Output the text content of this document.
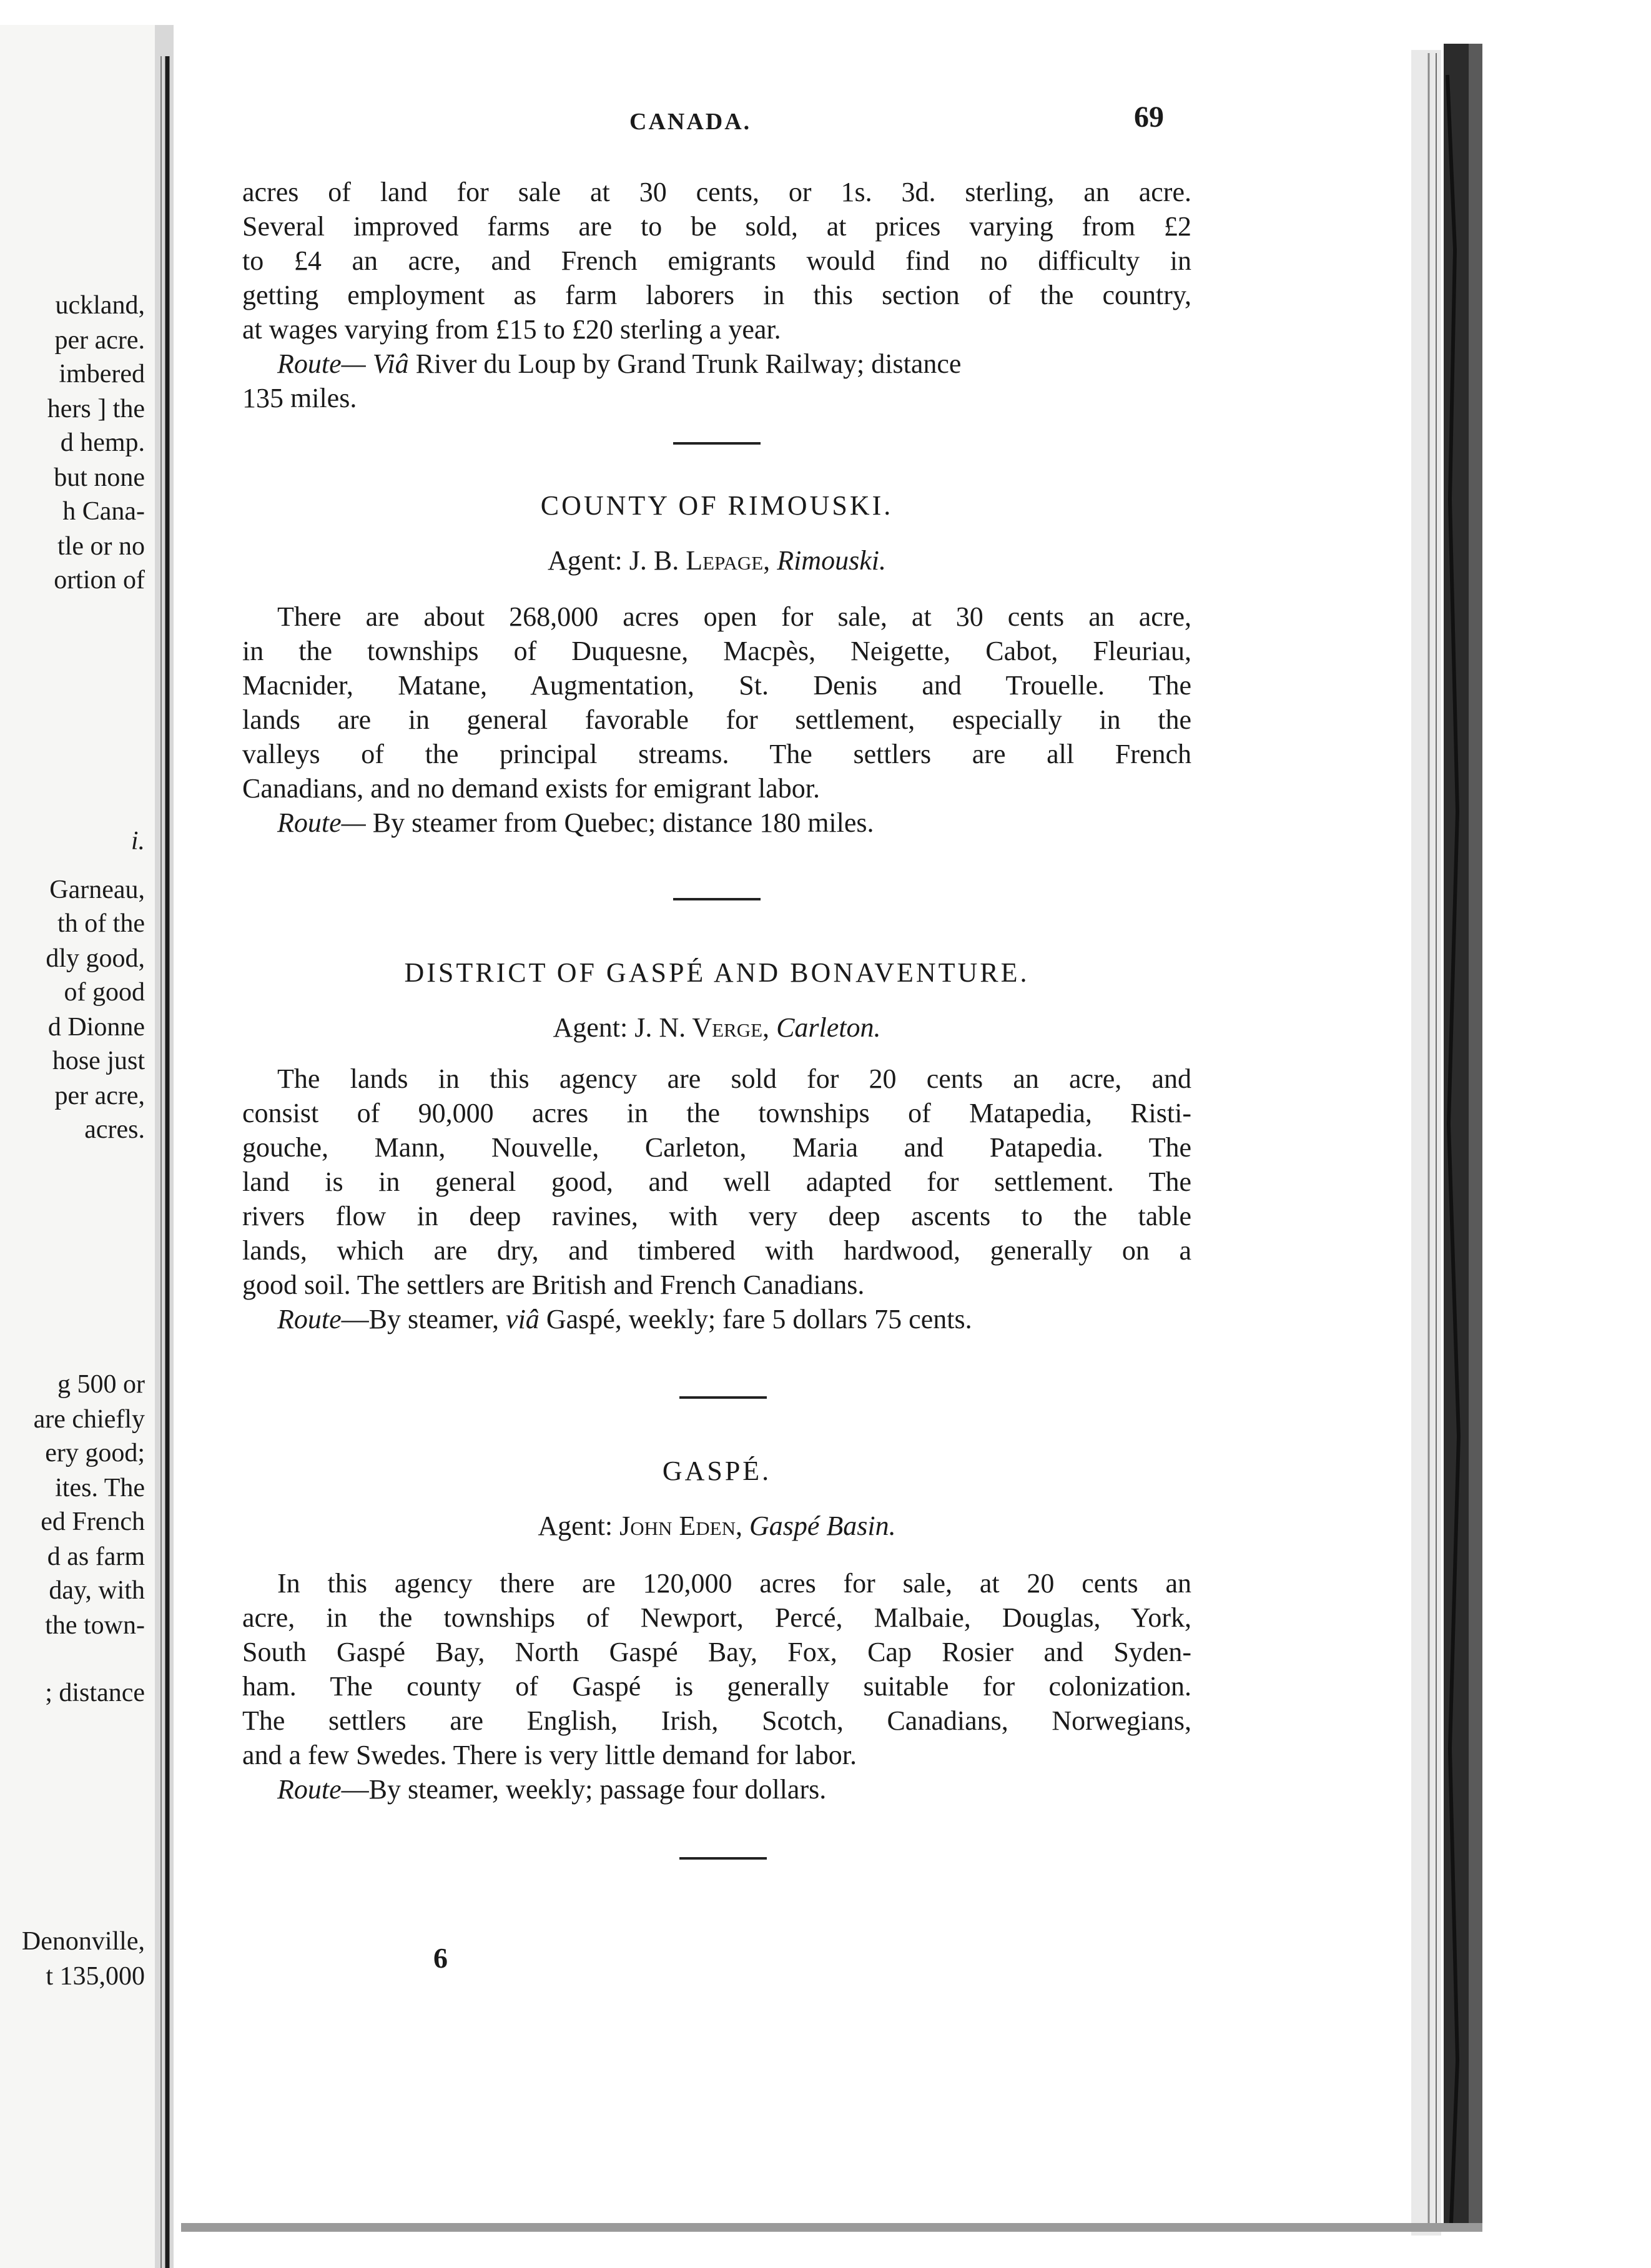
uckland,
per acre.
imbered
hers ] the
d hemp.
but none
h Cana-
tle or no
ortion of
i.
Garneau,
th of the
dly good,
of good
d Dionne
hose just
per acre,
acres.
g 500 or
are chiefly
ery good;
ites. The
ed French
d as farm
day, with
the town-
; distance
Denonville,
t 135,000
CANADA.	69

acres of land for sale at 30 cents, or 1s. 3d. sterling, an acre.
Several improved farms are to be sold, at prices varying from £2
to £4 an acre, and French emigrants would find no difficulty in
getting employment as farm laborers in this section of the country,
at wages varying from £15 to £20 sterling a year.

Route— Viâ River du Loup by Grand Trunk Railway; distance

135 miles.

COUNTY OF RIMOUSKI.
Agent: J. B. Lepage, Rimouski.

There are about 268,000 acres open for sale, at 30 cents an acre,

in the townships of Duquesne, Macpès, Neigette, Cabot, Fleuriau,
Macnider, Matane, Augmentation, St. Denis and Trouelle. The
lands are in general favorable for settlement, especially in the
valleys of the principal streams. The settlers are all French
Canadians, and no demand exists for emigrant labor.

Route— By steamer from Quebec; distance 180 miles.

DISTRICT OF GASPÉ AND BONAVENTURE.
Agent: J. N. Verge, Carleton.

The lands in this agency are sold for 20 cents an acre, and

consist of 90,000 acres in the townships of Matapedia, Risti-
gouche, Mann, Nouvelle, Carleton, Maria and Patapedia. The
land is in general good, and well adapted for settlement. The
rivers flow in deep ravines, with very deep ascents to the table
lands, which are dry, and timbered with hardwood, generally on a
good soil. The settlers are British and French Canadians.

Route—By steamer, viâ Gaspé, weekly; fare 5 dollars 75 cents.

GASPÉ.
Agent: John Eden, Gaspé Basin.

In this agency there are 120,000 acres for sale, at 20 cents an

acre, in the townships of Newport, Percé, Malbaie, Douglas, York,
South Gaspé Bay, North Gaspé Bay, Fox, Cap Rosier and Syden-
ham. The county of Gaspé is generally suitable for colonization.
The settlers are English, Irish, Scotch, Canadians, Norwegians,
and a few Swedes. There is very little demand for labor.

Route—By steamer, weekly; passage four dollars.

6
